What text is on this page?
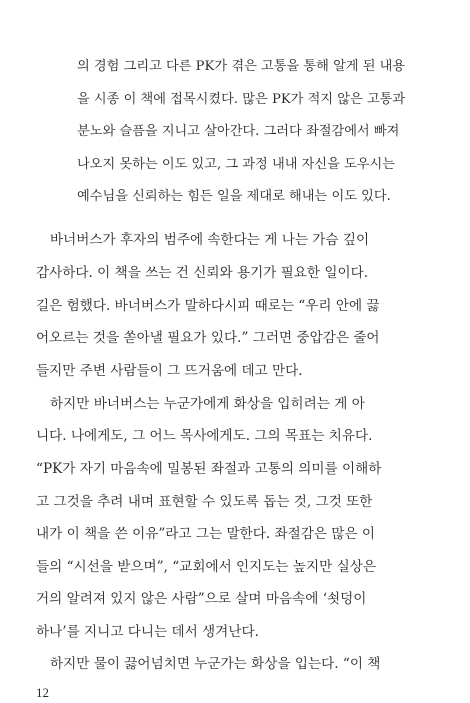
의 경험 그리고 다른 PK가 겪은 고통을 통해 알게 된 내용
을 시종 이 책에 접목시켰다. 많은 PK가 적지 않은 고통과
분노와 슬픔을 지니고 살아간다. 그러다 좌절감에서 빠져
나오지 못하는 이도 있고, 그 과정 내내 자신을 도우시는
예수님을 신뢰하는 힘든 일을 제대로 해내는 이도 있다.
바너버스가 후자의 범주에 속한다는 게 나는 가슴 깊이
감사하다. 이 책을 쓰는 건 신뢰와 용기가 필요한 일이다.
길은 험했다. 바너버스가 말하다시피 때로는 “우리 안에 끓
어오르는 것을 쏟아낼 필요가 있다.” 그러면 중압감은 줄어
들지만 주변 사람들이 그 뜨거움에 데고 만다.
하지만 바너버스는 누군가에게 화상을 입히려는 게 아
니다. 나에게도, 그 어느 목사에게도. 그의 목표는 치유다.
“PK가 자기 마음속에 밀봉된 좌절과 고통의 의미를 이해하
고 그것을 추려 내며 표현할 수 있도록 돕는 것, 그것 또한
내가 이 책을 쓴 이유”라고 그는 말한다. 좌절감은 많은 이
들의 “시선을 받으며”, “교회에서 인지도는 높지만 실상은
거의 알려져 있지 않은 사람”으로 살며 마음속에 ‘쇳덩이
하나’를 지니고 다니는 데서 생겨난다.
하지만 물이 끓어넘치면 누군가는 화상을 입는다. “이 책
12
